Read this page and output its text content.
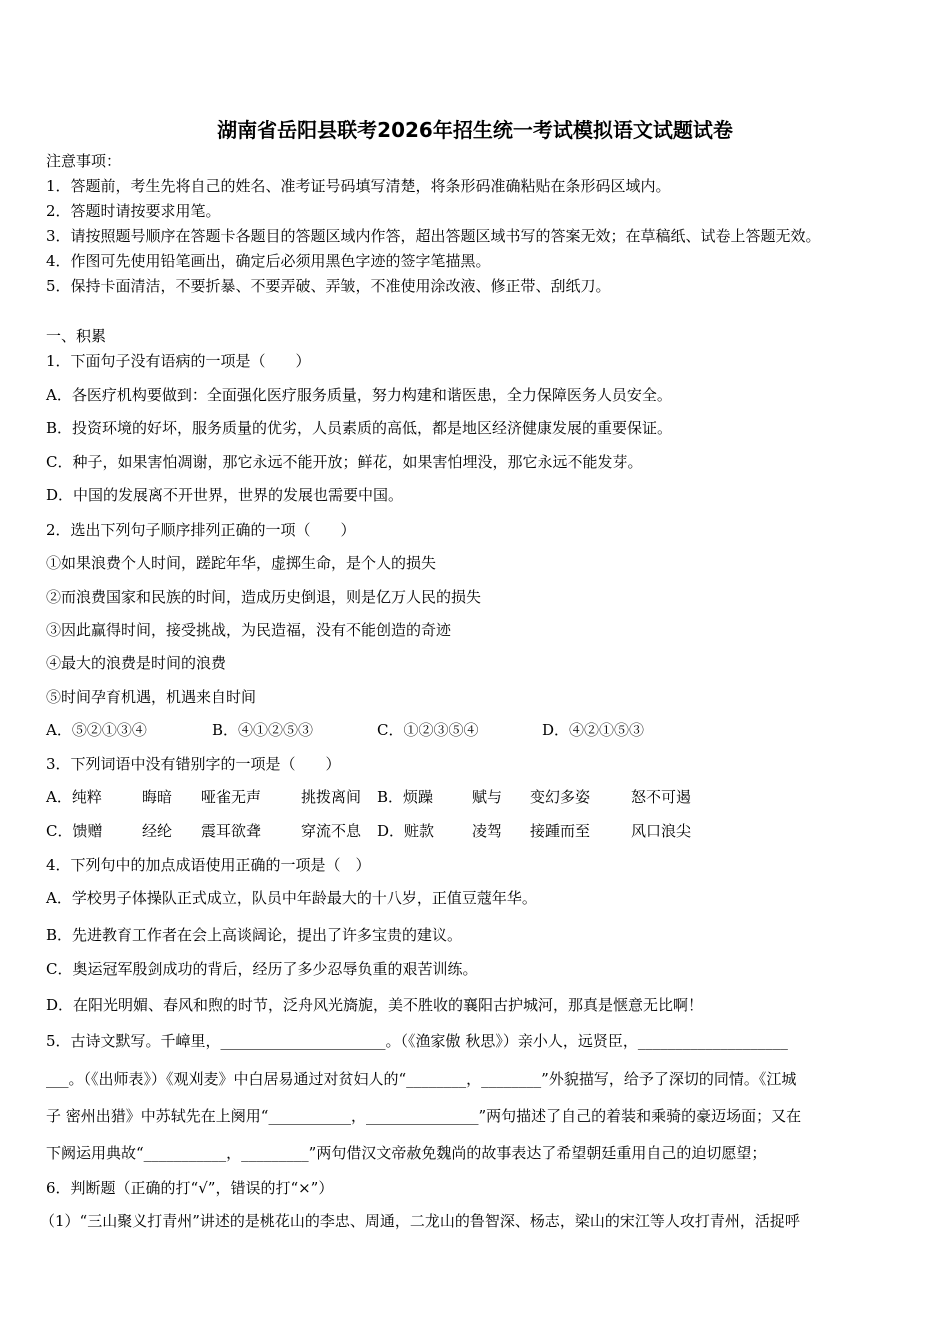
湖南省岳阳县联考2026年招生统一考试模拟语文试题试卷
注意事项：
1．答题前，考生先将自己的姓名、准考证号码填写清楚，将条形码准确粘贴在条形码区域内。
2．答题时请按要求用笔。
3．请按照题号顺序在答题卡各题目的答题区域内作答，超出答题区域书写的答案无效；在草稿纸、试卷上答题无效。
4．作图可先使用铅笔画出，确定后必须用黑色字迹的签字笔描黑。
5．保持卡面清洁，不要折暴、不要弄破、弄皱，不准使用涂改液、修正带、刮纸刀。
一、积累
1．下面句子没有语病的一项是（　　）
A．各医疗机构要做到：全面强化医疗服务质量，努力构建和谐医患，全力保障医务人员安全。
B．投资环境的好坏，服务质量的优劣，人员素质的高低，都是地区经济健康发展的重要保证。
C．种子，如果害怕凋谢，那它永远不能开放；鲜花，如果害怕埋没，那它永远不能发芽。
D．中国的发展离不开世界，世界的发展也需要中国。
2．选出下列句子顺序排列正确的一项（　　）
①如果浪费个人时间，蹉跎年华，虚掷生命，是个人的损失
②而浪费国家和民族的时间，造成历史倒退，则是亿万人民的损失
③因此赢得时间，接受挑战，为民造福，没有不能创造的奇迹
④最大的浪费是时间的浪费
⑤时间孕育机遇，机遇来自时间
A．⑤②①③④	B．④①②⑤③	C．①②③⑤④	D．④②①⑤③
3．下列词语中没有错别字的一项是（　　）
A．纯粹	晦暗 哑雀无声	挑拨离间 B．烦躁	赋与 变幻多姿	怒不可遏
C．馈赠	经纶 震耳欲聋	穿流不息 D．赃款	凌驾 接踵而至	风口浪尖
4．下列句中的加点成语使用正确的一项是（　）
A．学校男子体操队正式成立，队员中年龄最大的十八岁，正值豆蔻年华。
B．先进教育工作者在会上高谈阔论，提出了许多宝贵的建议。
C．奥运冠军殷剑成功的背后，经历了多少忍辱负重的艰苦训练。
D．在阳光明媚、春风和煦的时节，泛舟风光旖旎，美不胜收的襄阳古护城河，那真是惬意无比啊！
5．古诗文默写。千嶂里，______________________。（《渔家傲 秋思》）亲小人，远贤臣，____________________
___。（《出师表》）《观刈麦》中白居易通过对贫妇人的“________，________”外貌描写，给予了深切的同情。《江城
子 密州出猎》中苏轼先在上阕用“___________，_______________”两句描述了自己的着装和乘骑的豪迈场面；又在
下阙运用典故“___________，_________”两句借汉文帝赦免魏尚的故事表达了希望朝廷重用自己的迫切愿望；
6．判断题（正确的打“√”，错误的打“×”）
（1）“三山聚义打青州”讲述的是桃花山的李忠、周通，二龙山的鲁智深、杨志，梁山的宋江等人攻打青州，活捉呼
